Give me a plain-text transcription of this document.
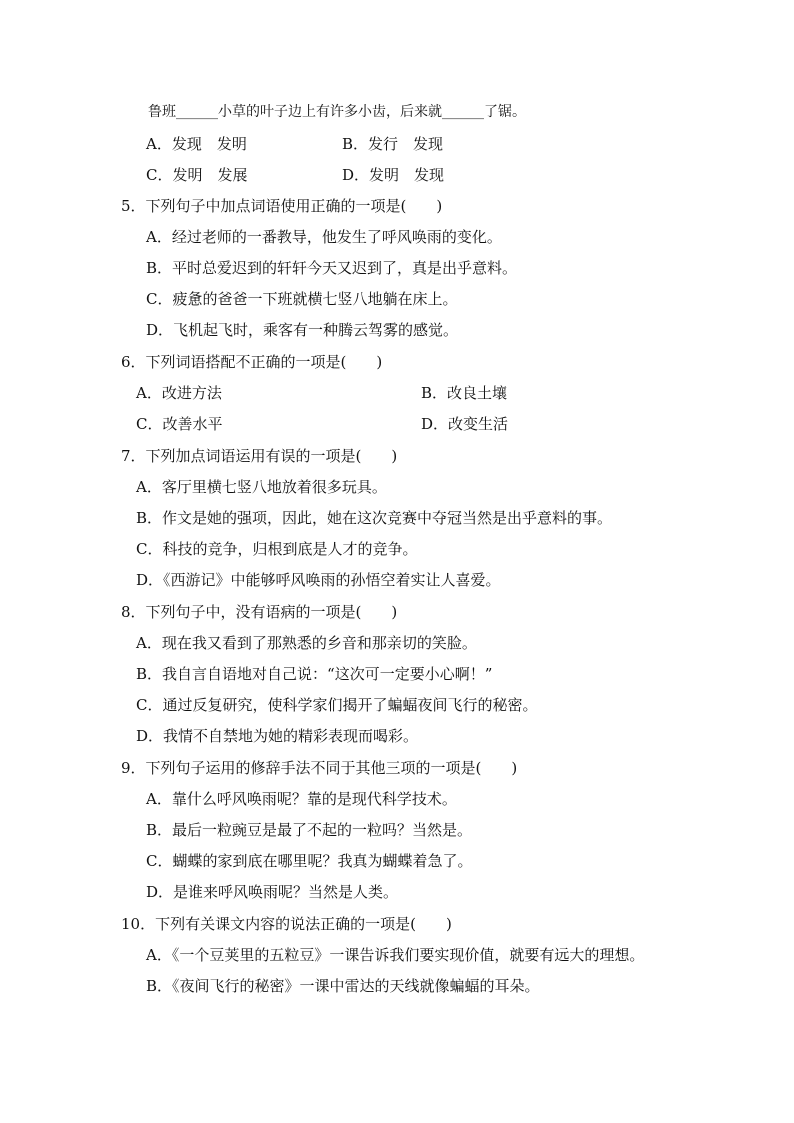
鲁班______小草的叶子边上有许多小齿，后来就______了锯。
A．发现　发明	B．发行　发现
C．发明　发展	D．发明　发现
5．下列句子中加点词语使用正确的一项是(　　)
A．经过老师的一番教导，他发生了呼风唤雨的变化。
B．平时总爱迟到的轩轩今天又迟到了，真是出乎意料。
C．疲惫的爸爸一下班就横七竖八地躺在床上。
D．飞机起飞时，乘客有一种腾云驾雾的感觉。
6．下列词语搭配不正确的一项是(　　)
A．改进方法	B．改良土壤
C．改善水平	D．改变生活
7．下列加点词语运用有误的一项是(　　)
A．客厅里横七竖八地放着很多玩具。
B．作文是她的强项，因此，她在这次竞赛中夺冠当然是出乎意料的事。
C．科技的竞争，归根到底是人才的竞争。
D．《西游记》中能够呼风唤雨的孙悟空着实让人喜爱。
8．下列句子中，没有语病的一项是(　　)
A．现在我又看到了那熟悉的乡音和那亲切的笑脸。
B．我自言自语地对自己说：“这次可一定要小心啊！”
C．通过反复研究，使科学家们揭开了蝙蝠夜间飞行的秘密。
D．我情不自禁地为她的精彩表现而喝彩。
9．下列句子运用的修辞手法不同于其他三项的一项是(　　)
A．靠什么呼风唤雨呢？靠的是现代科学技术。
B．最后一粒豌豆是最了不起的一粒吗？当然是。
C．蝴蝶的家到底在哪里呢？我真为蝴蝶着急了。
D．是谁来呼风唤雨呢？当然是人类。
10．下列有关课文内容的说法正确的一项是(　　)
A．《一个豆荚里的五粒豆》一课告诉我们要实现价值，就要有远大的理想。
B．《夜间飞行的秘密》一课中雷达的天线就像蝙蝠的耳朵。
